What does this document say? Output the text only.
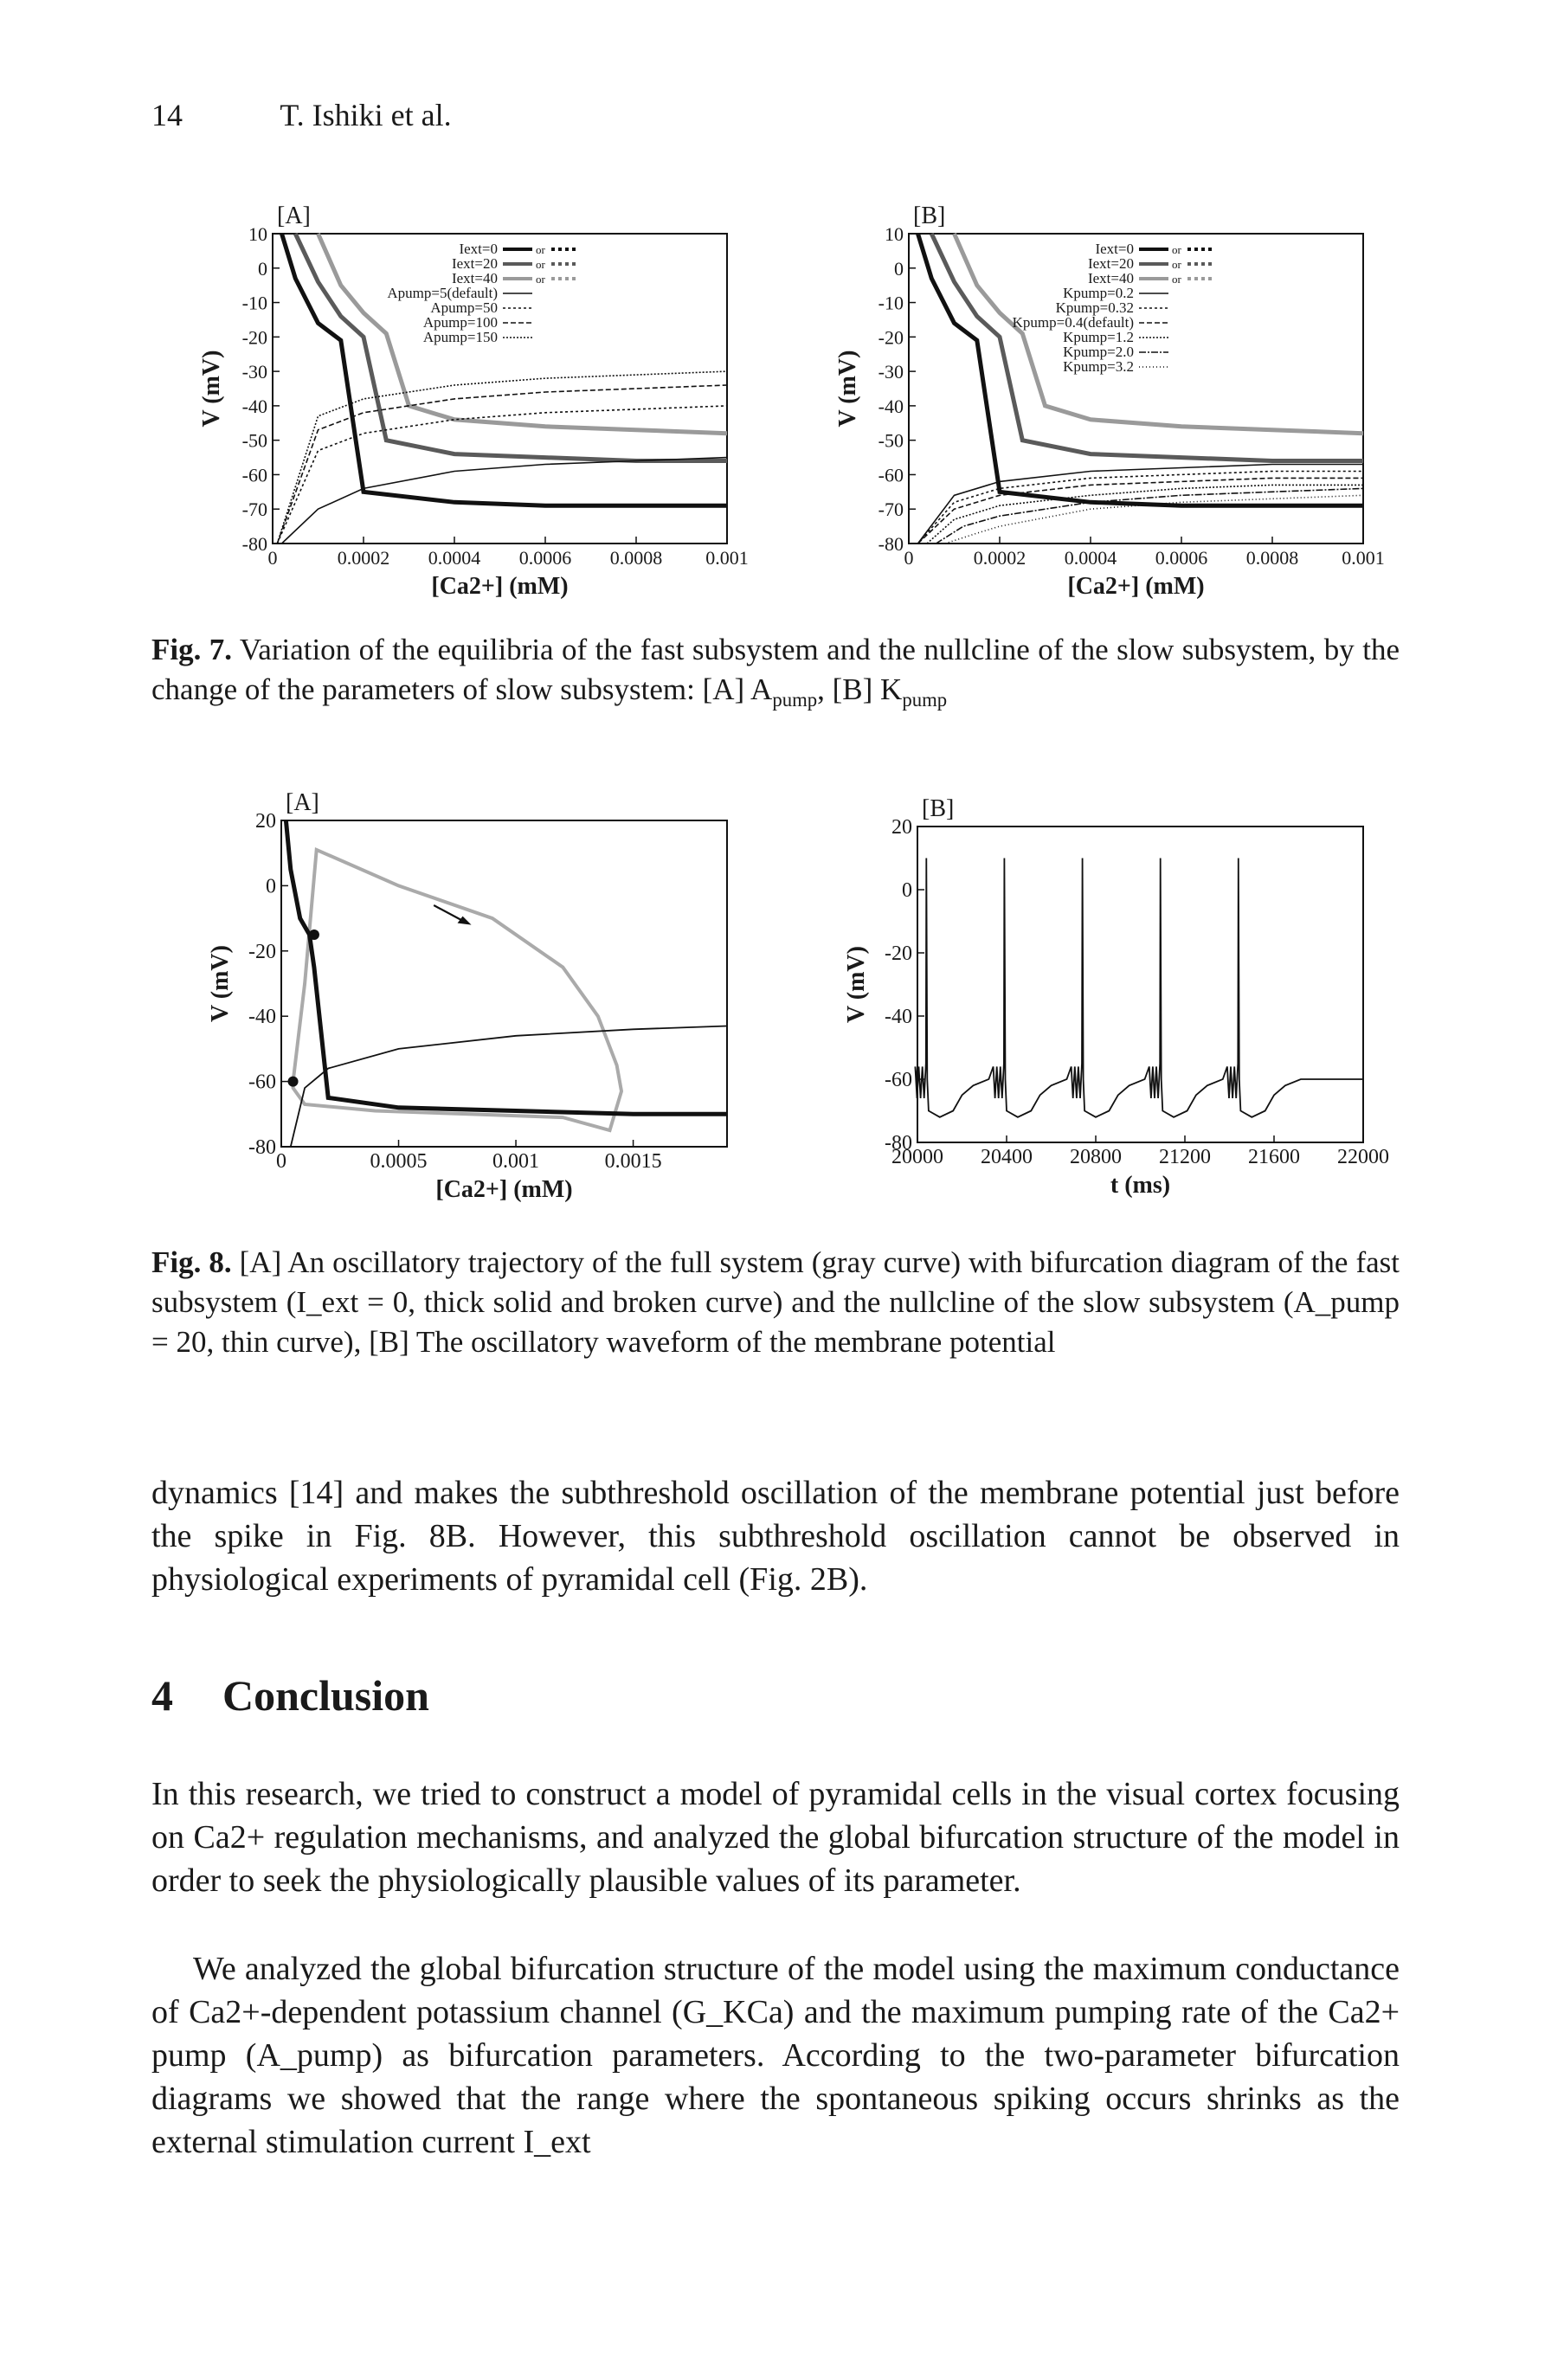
14	T. Ishiki et al.
[A]
10
0
-10
-20
-30
-40
-50
-60
-70
-80
0	0.0002 0.0004 0.0006 0.0008 0.001
V (mV)
[Ca2+] (mM)
Iext=0	or
Iext=20	or
Iext=40	or
Apump=5(default)
Apump=50
Apump=100
Apump=150
[B]
10
0
-10
-20
-30
-40
-50
-60
-70
-80
0	0.0002 0.0004 0.0006 0.0008 0.001
V (mV)
[Ca2+] (mM)
Iext=0	or
Iext=20	or
Iext=40	or
Kpump=0.2
Kpump=0.32
Kpump=0.4(default)
Kpump=1.2
Kpump=2.0
Kpump=3.2
Fig. 7. Variation of the equilibria of the fast subsystem and the nullcline of the slow subsystem, by the change of the parameters of slow subsystem: [A] $A_{pump}$, [B] $K_{pump}$
[A]
20
0
-20
-40
-60
-80
0	0.0005	0.001	0.0015
V (mV)
[Ca2+] (mM)
[B]
20
0
-20
-40
-60
-80
20000 20400 20800 21200 21600 22000
V (mV)
t (ms)
Fig. 8. [A] An oscillatory trajectory of the full system (gray curve) with bifurcation diagram of the fast subsystem (I_ext = 0, thick solid and broken curve) and the nullcline of the slow subsystem (A_pump = 20, thin curve), [B] The oscillatory waveform of the membrane potential
dynamics [14] and makes the subthreshold oscillation of the membrane potential just before the spike in Fig. 8B. However, this subthreshold oscillation cannot be observed in physiological experiments of pyramidal cell (Fig. 2B).
4 Conclusion
In this research, we tried to construct a model of pyramidal cells in the visual cortex focusing on Ca2+ regulation mechanisms, and analyzed the global bifurcation structure of the model in order to seek the physiologically plausible values of its parameter.
We analyzed the global bifurcation structure of the model using the maximum conductance of Ca2+-dependent potassium channel (G_KCa) and the maximum pumping rate of the Ca2+ pump (A_pump) as bifurcation parameters. According to the two-parameter bifurcation diagrams we showed that the range where the spontaneous spiking occurs shrinks as the external stimulation current I_ext
